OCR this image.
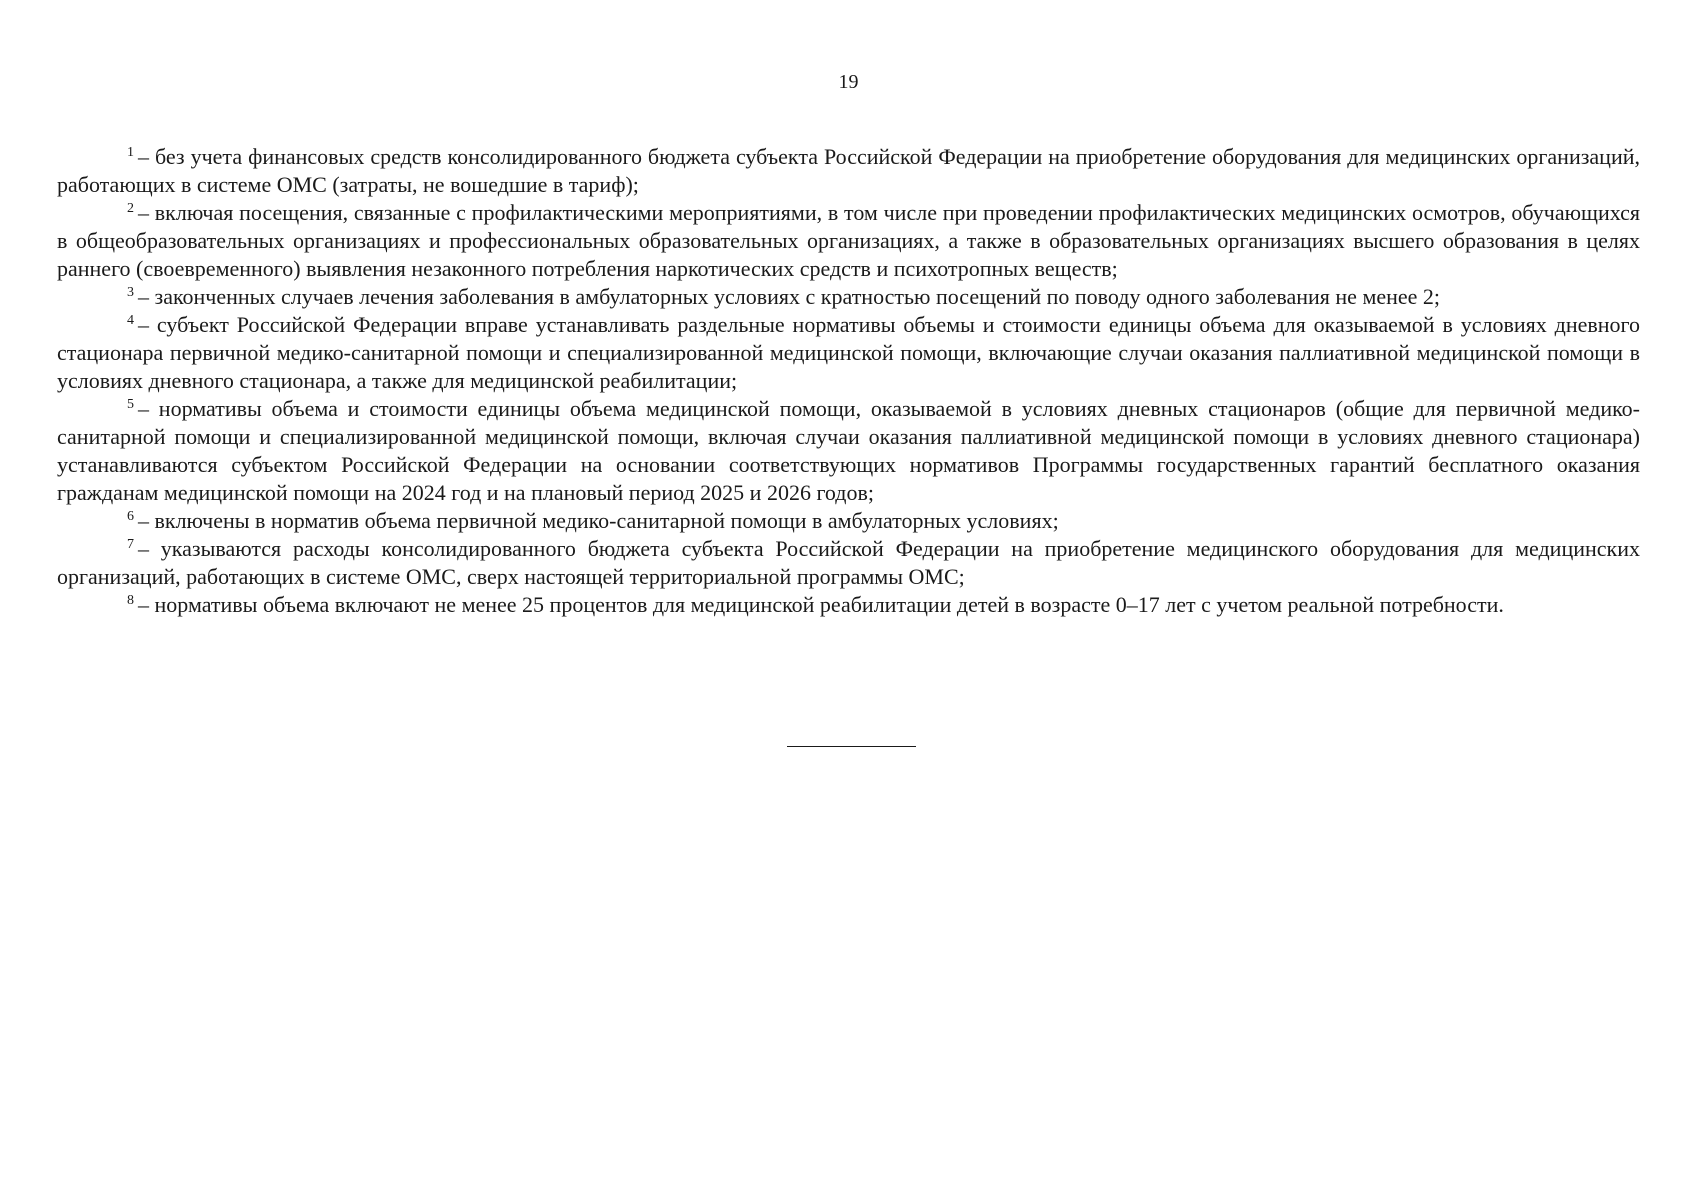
19

$^1$ – без учета финансовых средств консолидированного бюджета субъекта Российской Федерации на приобретение оборудования для медицинских организаций, работающих в системе ОМС (затраты, не вошедшие в тариф);

$^2$ – включая посещения, связанные с профилактическими мероприятиями, в том числе при проведении профилактических медицинских осмотров, обучающихся в общеобразовательных организациях и профессиональных образовательных организациях, а также в образовательных организациях высшего образования в целях раннего (своевременного) выявления незаконного потребления наркотических средств и психотропных веществ;

$^3$ – законченных случаев лечения заболевания в амбулаторных условиях с кратностью посещений по поводу одного заболевания не менее 2;

$^4$ – субъект Российской Федерации вправе устанавливать раздельные нормативы объемы и стоимости единицы объема для оказываемой в условиях дневного стационара первичной медико-санитарной помощи и специализированной медицинской помощи, включающие случаи оказания паллиативной медицинской помощи в условиях дневного стационара, а также для медицинской реабилитации;

$^5$ – нормативы объема и стоимости единицы объема медицинской помощи, оказываемой в условиях дневных стационаров (общие для первичной медико-санитарной помощи и специализированной медицинской помощи, включая случаи оказания паллиативной медицинской помощи в условиях дневного стационара) устанавливаются субъектом Российской Федерации на основании соответствующих нормативов Программы государственных гарантий бесплатного оказания гражданам медицинской помощи на 2024 год и на плановый период 2025 и 2026 годов;

$^6$ – включены в норматив объема первичной медико-санитарной помощи в амбулаторных условиях;

$^7$ – указываются расходы консолидированного бюджета субъекта Российской Федерации на приобретение медицинского оборудования для медицинских организаций, работающих в системе ОМС, сверх настоящей территориальной программы ОМС;

$^8$ – нормативы объема включают не менее 25 процентов для медицинской реабилитации детей в возрасте 0–17 лет с учетом реальной потребности.
